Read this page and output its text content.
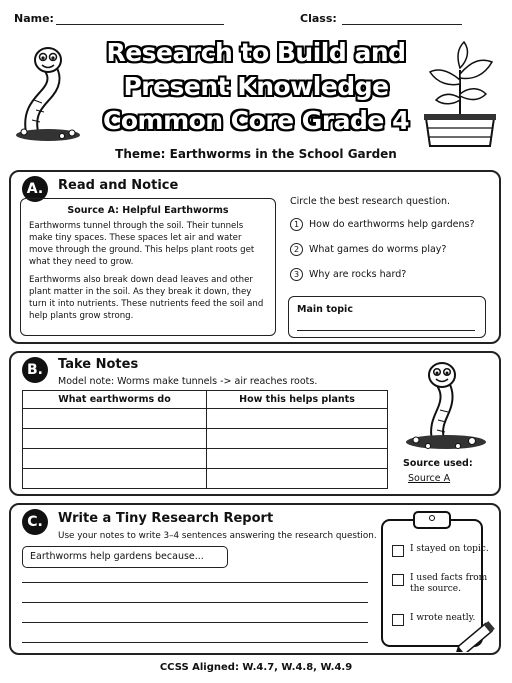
Name:	Class:
Research to Build and
Present Knowledge
Common Core Grade 4
Theme: Earthworms in the School Garden
A.	Read and Notice
Source A: Helpful Earthworms
Earthworms tunnel through the soil. Their tunnels make tiny spaces. These spaces let air and water move through the ground. This helps plant roots get what they need to grow.
Earthworms also break down dead leaves and other plant matter in the soil. As they break it down, they turn it into nutrients. These nutrients feed the soil and help plants grow strong.
Circle the best research question.
1	How do earthworms help gardens?
2	What games do worms play?
3	Why are rocks hard?
Main topic
B.	Take Notes
Model note: Worms make tunnels -> air reaches roots.
What earthworms do	How this helps plants

Source used:
Source A
C.	Write a Tiny Research Report
Use your notes to write 3–4 sentences answering the research question.
Earthworms help gardens because...
I stayed on topic.
I used facts from the source.
I wrote neatly.
CCSS Aligned: W.4.7, W.4.8, W.4.9
